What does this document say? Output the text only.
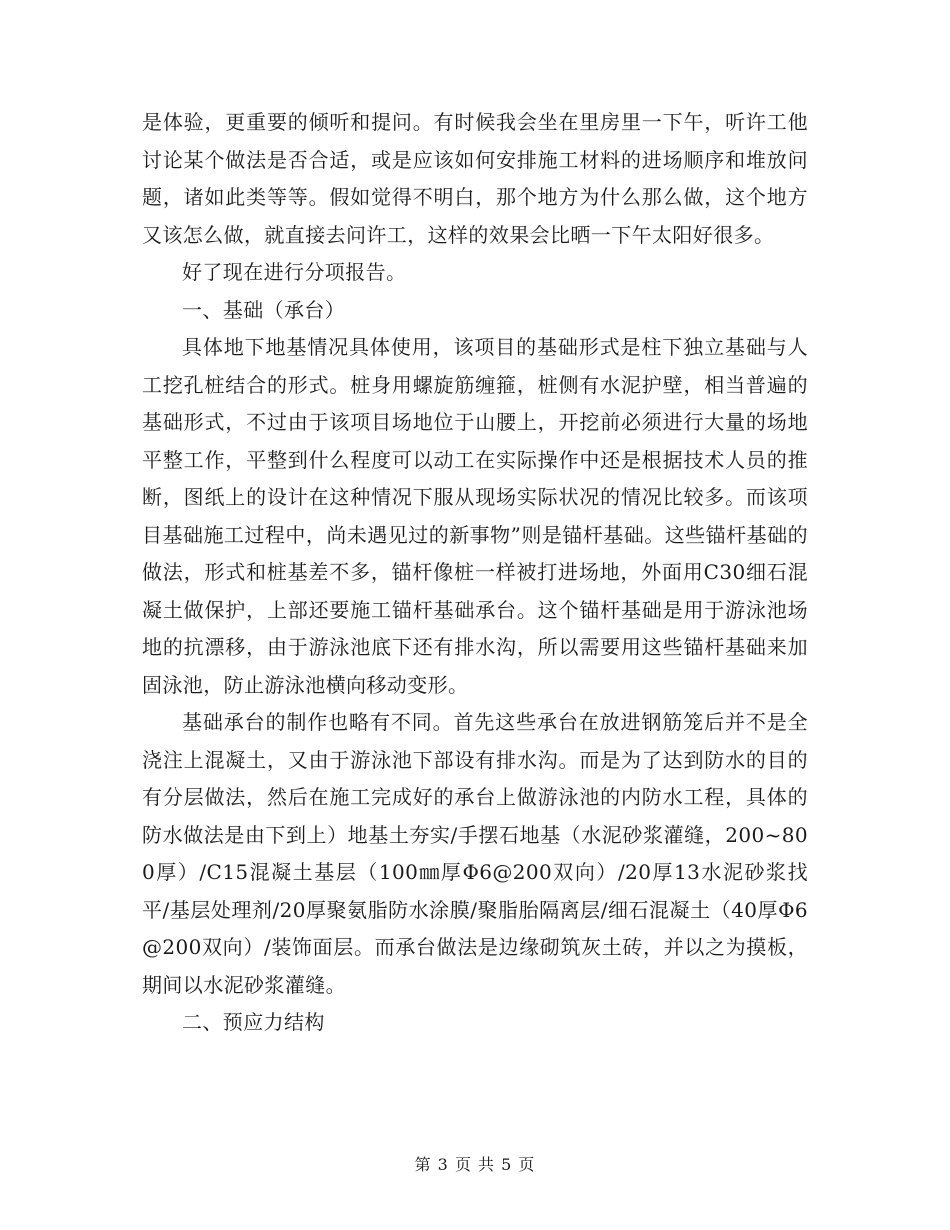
是体验，更重要的倾听和提问。有时候我会坐在里房里一下午，听许工他讨论某个做法是否合适，或是应该如何安排施工材料的进场顺序和堆放问题，诸如此类等等。假如觉得不明白，那个地方为什么那么做，这个地方又该怎么做，就直接去问许工，这样的效果会比晒一下午太阳好很多。

好了现在进行分项报告。

一、基础（承台）

具体地下地基情况具体使用，该项目的基础形式是柱下独立基础与人工挖孔桩结合的形式。桩身用螺旋筋缠箍，桩侧有水泥护壁，相当普遍的基础形式，不过由于该项目场地位于山腰上，开挖前必须进行大量的场地平整工作，平整到什么程度可以动工在实际操作中还是根据技术人员的推断，图纸上的设计在这种情况下服从现场实际状况的情况比较多。而该项目基础施工过程中，尚未遇见过的新事物”则是锚杆基础。这些锚杆基础的做法，形式和桩基差不多，锚杆像桩一样被打进场地，外面用C30细石混凝土做保护，上部还要施工锚杆基础承台。这个锚杆基础是用于游泳池场地的抗漂移，由于游泳池底下还有排水沟，所以需要用这些锚杆基础来加固泳池，防止游泳池横向移动变形。

基础承台的制作也略有不同。首先这些承台在放进钢筋笼后并不是全浇注上混凝土，又由于游泳池下部设有排水沟。而是为了达到防水的目的有分层做法，然后在施工完成好的承台上做游泳池的内防水工程，具体的防水做法是由下到上）地基土夯实/手摆石地基（水泥砂浆灌缝，200~800厚）/C15混凝土基层（100㎜厚Φ6@200双向）/20厚13水泥砂浆找平/基层处理剂/20厚聚氨脂防水涂膜/聚脂胎隔离层/细石混凝土（40厚Φ6@200双向）/装饰面层。而承台做法是边缘砌筑灰土砖，并以之为摸板，期间以水泥砂浆灌缝。

二、预应力结构

第 3 页 共 5 页
